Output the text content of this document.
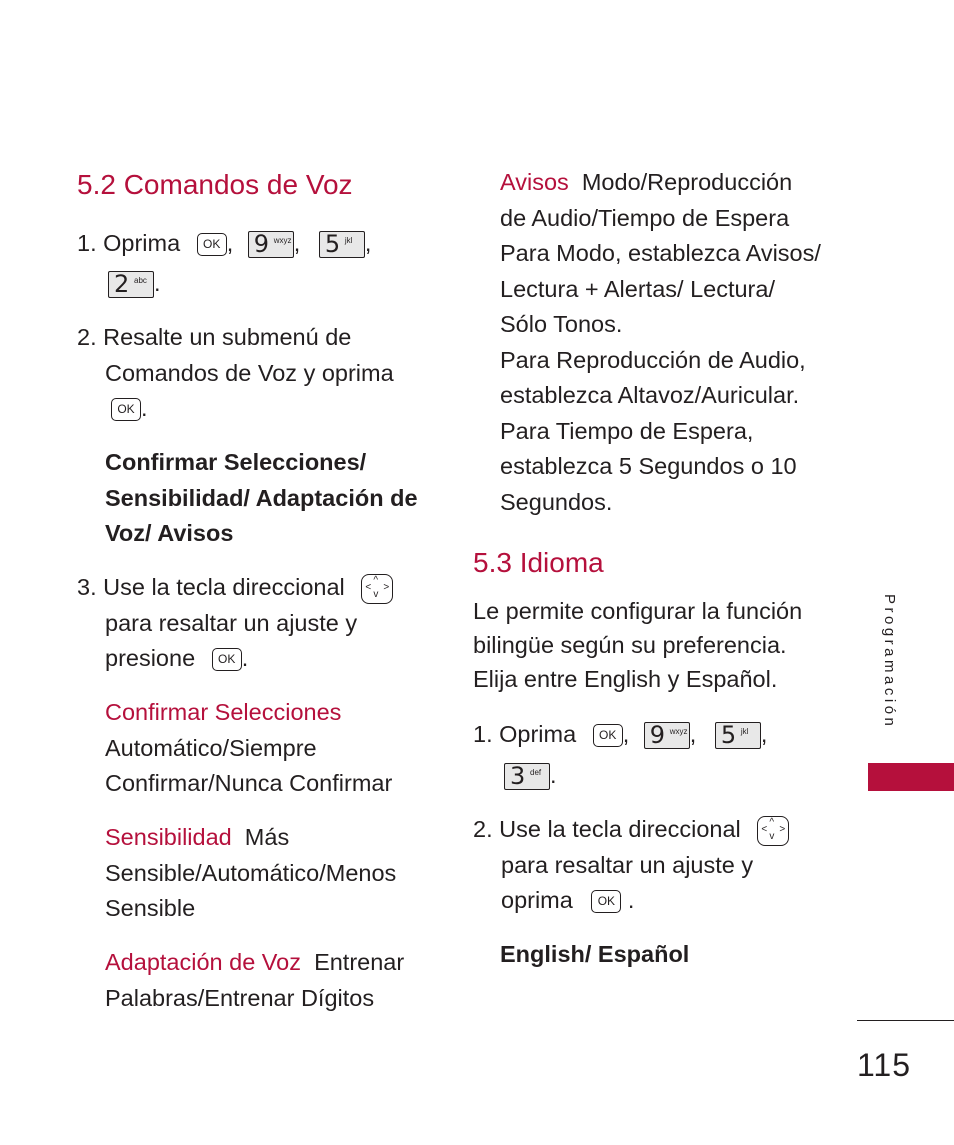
5.2 Comandos de Voz
1. Oprima OK , 9 wxyz , 5 jkl ,
2 abc .
2. Resalte un submenú de
Comandos de Voz y oprima
OK .
Confirmar Selecciones/
Sensibilidad/ Adaptación de
Voz/ Avisos
3. Use la tecla direccional	^
v
< >
para resaltar un ajuste y
presione OK .
Confirmar Selecciones
Automático/Siempre
Confirmar/Nunca Confirmar
Sensibilidad Más
Sensible/Automático/Menos
Sensible
Adaptación de Voz Entrenar
Palabras/Entrenar Dígitos
Avisos Modo/Reproducción
de Audio/Tiempo de Espera
Para Modo, establezca Avisos/
Lectura + Alertas/ Lectura/
Sólo Tonos.
Para Reproducción de Audio,
establezca Altavoz/Auricular.
Para Tiempo de Espera,
establezca 5 Segundos o 10
Segundos.
5.3 Idioma
Le permite configurar la función
bilingüe según su preferencia.
Elija entre English y Español.
1. Oprima OK , 9 wxyz , 5 jkl ,
3 def .
2. Use la tecla direccional	^
v
< >
para resaltar un ajuste y
oprima OK .
English/ Español
Programación
115
